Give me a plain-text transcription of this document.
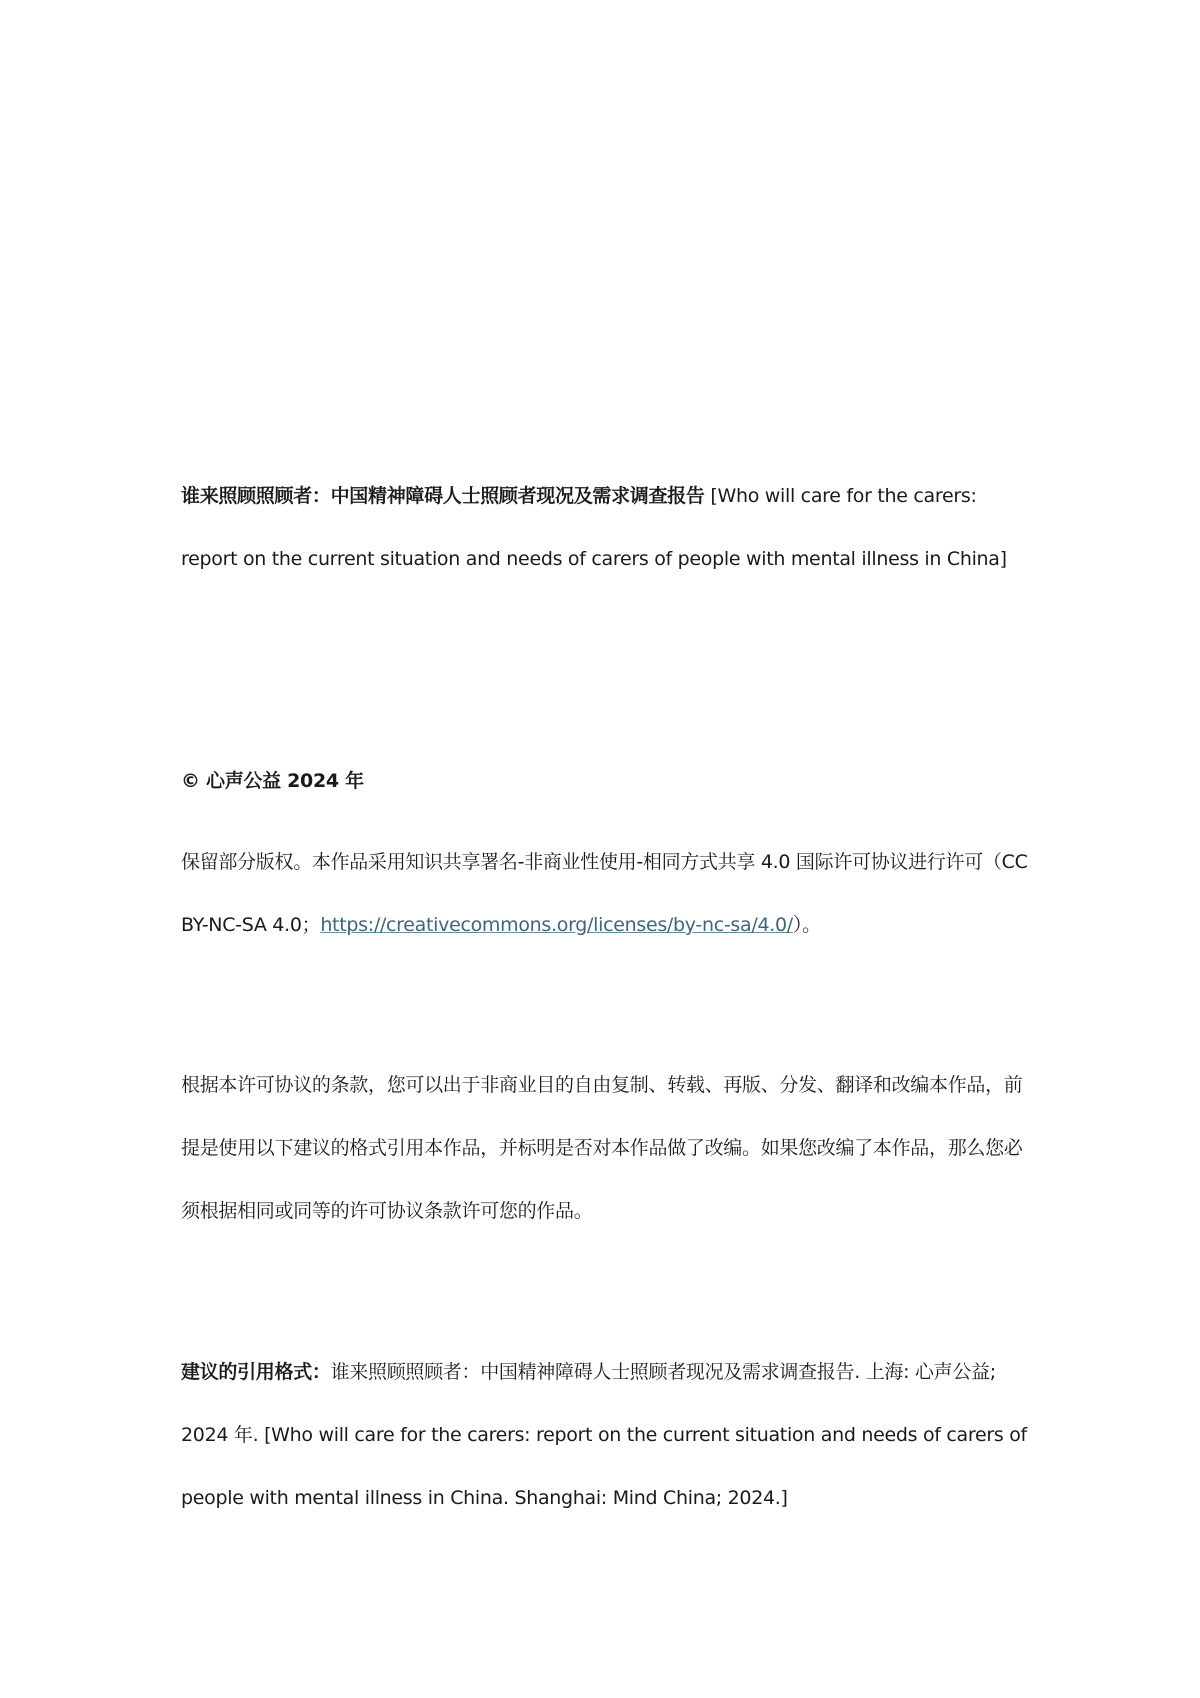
谁来照顾照顾者：中国精神障碍人士照顾者现况及需求调查报告 [Who will care for the carers: report on the current situation and needs of carers of people with mental illness in China]
© 心声公益 2024 年
保留部分版权。本作品采用知识共享署名-非商业性使用-相同方式共享 4.0 国际许可协议进行许可（CC BY-NC-SA 4.0；https://creativecommons.org/licenses/by-nc-sa/4.0/）。
根据本许可协议的条款，您可以出于非商业目的自由复制、转载、再版、分发、翻译和改编本作品，前提是使用以下建议的格式引用本作品，并标明是否对本作品做了改编。如果您改编了本作品，那么您必须根据相同或同等的许可协议条款许可您的作品。
建议的引用格式：谁来照顾照顾者：中国精神障碍人士照顾者现况及需求调查报告. 上海: 心声公益; 2024 年. [Who will care for the carers: report on the current situation and needs of carers of people with mental illness in China. Shanghai: Mind China; 2024.]
